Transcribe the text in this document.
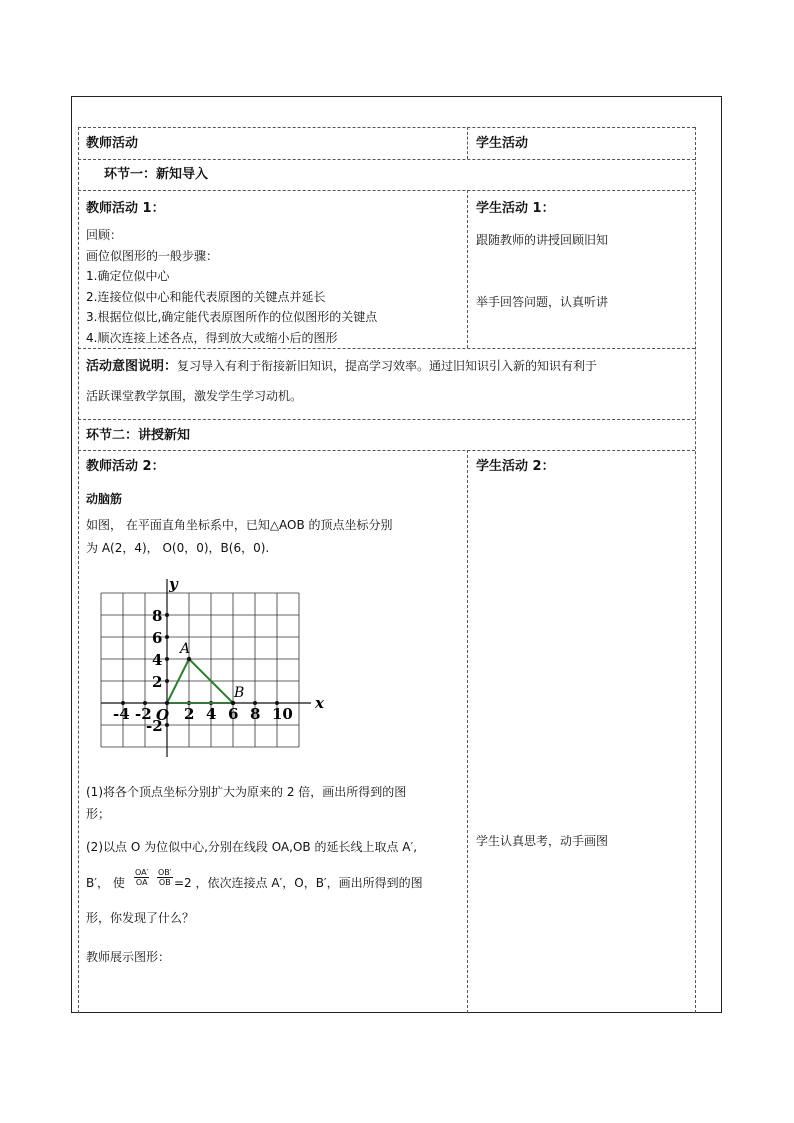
教师活动	学生活动
环节一：新知导入
教师活动 1：
回顾：
画位似图形的一般步骤：
1.确定位似中心
2.连接位似中心和能代表原图的关键点并延长
3.根据位似比,确定能代表原图所作的位似图形的关键点
4.顺次连接上述各点，得到放大或缩小后的图形
学生活动 1：
跟随教师的讲授回顾旧知
举手回答问题，认真听讲
活动意图说明：复习导入有利于衔接新旧知识，提高学习效率。通过旧知识引入新的知识有利于
活跃课堂教学氛围，激发学生学习动机。
环节二：讲授新知
教师活动 2：
动脑筋
如图， 在平面直角坐标系中，已知△AOB 的顶点坐标分别
为 A(2，4)， O(0，0)，B(6，0).
x
y
-4 -2 2 4 6 8 10
8
6
4
2
-2
O
A
B
(1)将各个顶点坐标分别扩大为原来的 2 倍，画出所得到的图
形；
(2)以点 O 为位似中心,分别在线段 OA,OB 的延长线上取点 A′,
B′， 使 $\frac{OA'}{OA} \frac{OB'}{OB} =2$ ，依次连接点 A′，O，B′，画出所得到的图
形，你发现了什么？
教师展示图形：
学生活动 2：
学生认真思考，动手画图
